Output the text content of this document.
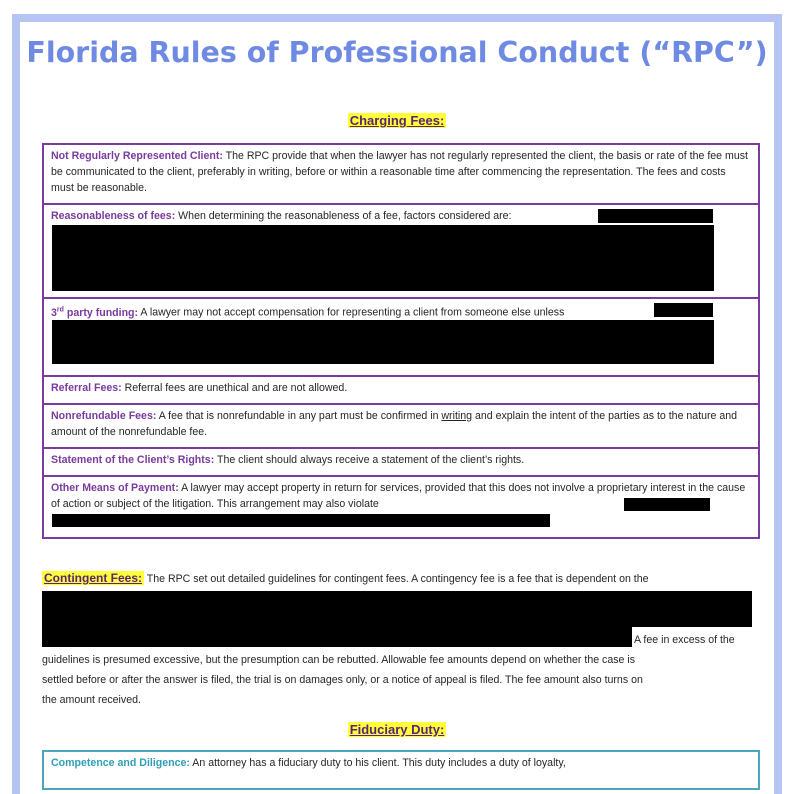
Florida Rules of Professional Conduct (“RPC”)
Charging Fees:
Not Regularly Represented Client: The RPC provide that when the lawyer has not regularly represented the client, the basis or rate of the fee must be communicated to the client, preferably in writing, before or within a reasonable time after commencing the representation. The fees and costs must be reasonable.
Reasonableness of fees: When determining the reasonableness of a fee, factors considered are:
3rd party funding: A lawyer may not accept compensation for representing a client from someone else unless
Referral Fees: Referral fees are unethical and are not allowed.
Nonrefundable Fees: A fee that is nonrefundable in any part must be confirmed in writing and explain the intent of the parties as to the nature and amount of the nonrefundable fee.
Statement of the Client’s Rights: The client should always receive a statement of the client’s rights.
Other Means of Payment: A lawyer may accept property in return for services, provided that this does not involve a proprietary interest in the cause of action or subject of the litigation. This arrangement may also violate
Contingent Fees: The RPC set out detailed guidelines for contingent fees. A contingency fee is a fee that is dependent on the
A fee in excess of the
guidelines is presumed excessive, but the presumption can be rebutted. Allowable fee amounts depend on whether the case is
settled before or after the answer is filed, the trial is on damages only, or a notice of appeal is filed. The fee amount also turns on
the amount received.
Fiduciary Duty:
Competence and Diligence: An attorney has a fiduciary duty to his client. This duty includes a duty of loyalty,
